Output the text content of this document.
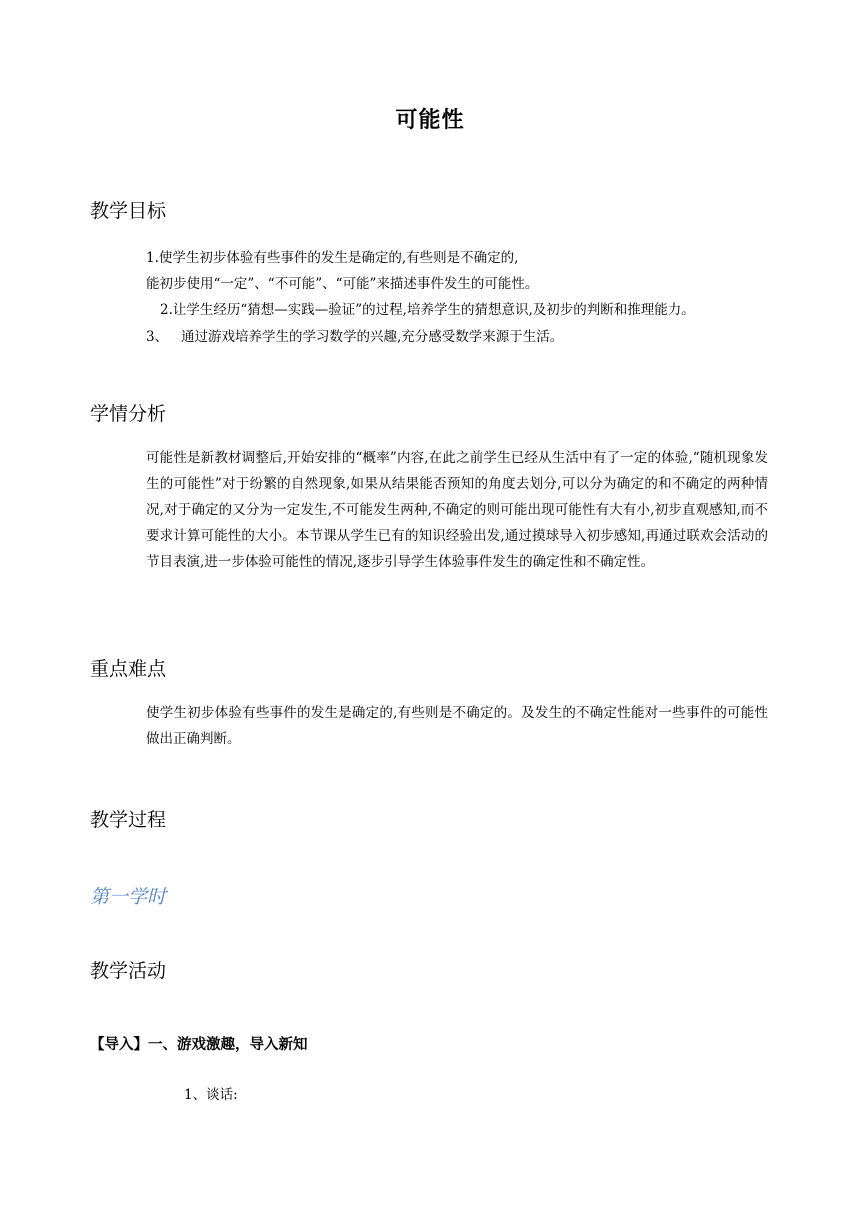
可能性
教学目标
1.使学生初步体验有些事件的发生是确定的,有些则是不确定的,
能初步使用“一定”、“不可能”、“可能”来描述事件发生的可能性。
2.让学生经历“猜想—实践—验证”的过程,培养学生的猜想意识,及初步的判断和推理能力。
3、   通过游戏培养学生的学习数学的兴趣,充分感受数学来源于生活。
学情分析
可能性是新教材调整后,开始安排的“概率”内容,在此之前学生已经从生活中有了一定的体验,“随机现象发生的可能性”对于纷繁的自然现象,如果从结果能否预知的角度去划分,可以分为确定的和不确定的两种情况,对于确定的又分为一定发生,不可能发生两种,不确定的则可能出现可能性有大有小,初步直观感知,而不要求计算可能性的大小。本节课从学生已有的知识经验出发,通过摸球导入初步感知,再通过联欢会活动的节目表演,进一步体验可能性的情况,逐步引导学生体验事件发生的确定性和不确定性。
重点难点
使学生初步体验有些事件的发生是确定的,有些则是不确定的。及发生的不确定性能对一些事件的可能性做出正确判断。
教学过程
第一学时
教学活动
【导入】一、游戏激趣，导入新知
1、谈话:
